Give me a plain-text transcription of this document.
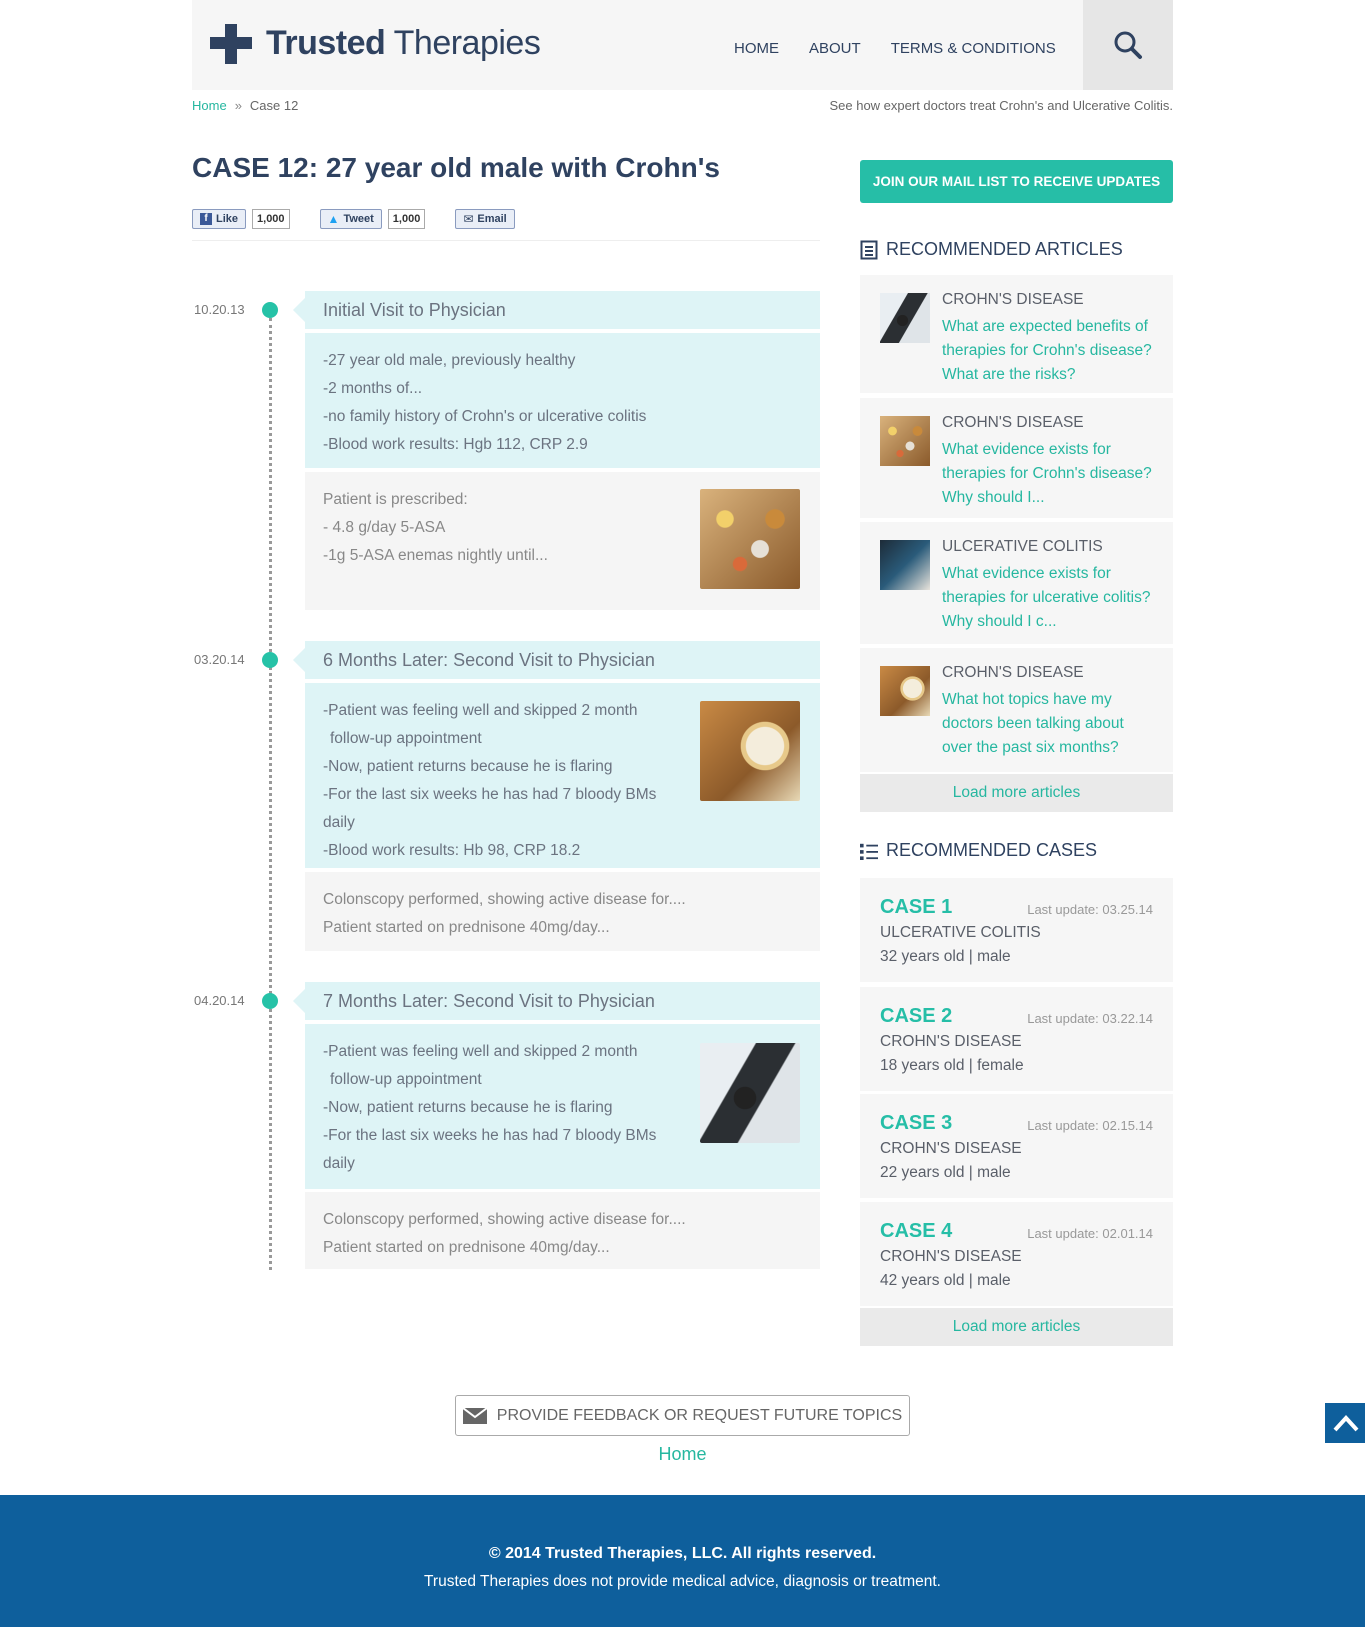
Trusted Therapies	HOME ABOUT TERMS & CONDITIONS
Home » Case 12	See how expert doctors treat Crohn's and Ulcerative Colitis.
CASE 12: 27 year old male with Crohn's
f Like	1,000	▲ Tweet	1,000	✉ Email
10.20.13	Initial Visit to Physician

-27 year old male, previously healthy

-2 months of...

-no family history of Crohn's or ulcerative colitis

-Blood work results: Hgb 112, CRP 2.9

Patient is prescribed:

- 4.8 g/day 5-ASA

-1g 5-ASA enemas nightly until...

03.20.14	6 Months Later: Second Visit to Physician

-Patient was feeling well and skipped 2 month

follow-up appointment

-Now, patient returns because he is flaring

-For the last six weeks he has had 7 bloody BMs

daily

-Blood work results: Hb 98, CRP 18.2

Colonscopy performed, showing active disease for....

Patient started on prednisone 40mg/day...

04.20.14	7 Months Later: Second Visit to Physician

-Patient was feeling well and skipped 2 month

follow-up appointment

-Now, patient returns because he is flaring

-For the last six weeks he has had 7 bloody BMs

daily

Colonscopy performed, showing active disease for....

Patient started on prednisone 40mg/day...

JOIN OUR MAIL LIST TO RECEIVE UPDATES
RECOMMENDED ARTICLES
CROHN'S DISEASE
What are expected benefits of therapies for Crohn's disease? What are the risks?
CROHN'S DISEASE
What evidence exists for therapies for Crohn's disease? Why should I...
ULCERATIVE COLITIS
What evidence exists for therapies for ulcerative colitis? Why should I c...
CROHN'S DISEASE
What hot topics have my doctors been talking about over the past six months?
Load more articles
RECOMMENDED CASES
CASE 1	Last update: 03.25.14
ULCERATIVE COLITIS
32 years old | male
CASE 2	Last update: 03.22.14
CROHN'S DISEASE
18 years old | female
CASE 3	Last update: 02.15.14
CROHN'S DISEASE
22 years old | male
CASE 4	Last update: 02.01.14
CROHN'S DISEASE
42 years old | male
Load more articles
PROVIDE FEEDBACK OR REQUEST FUTURE TOPICS
Home
© 2014 Trusted Therapies, LLC. All rights reserved.
Trusted Therapies does not provide medical advice, diagnosis or treatment.
